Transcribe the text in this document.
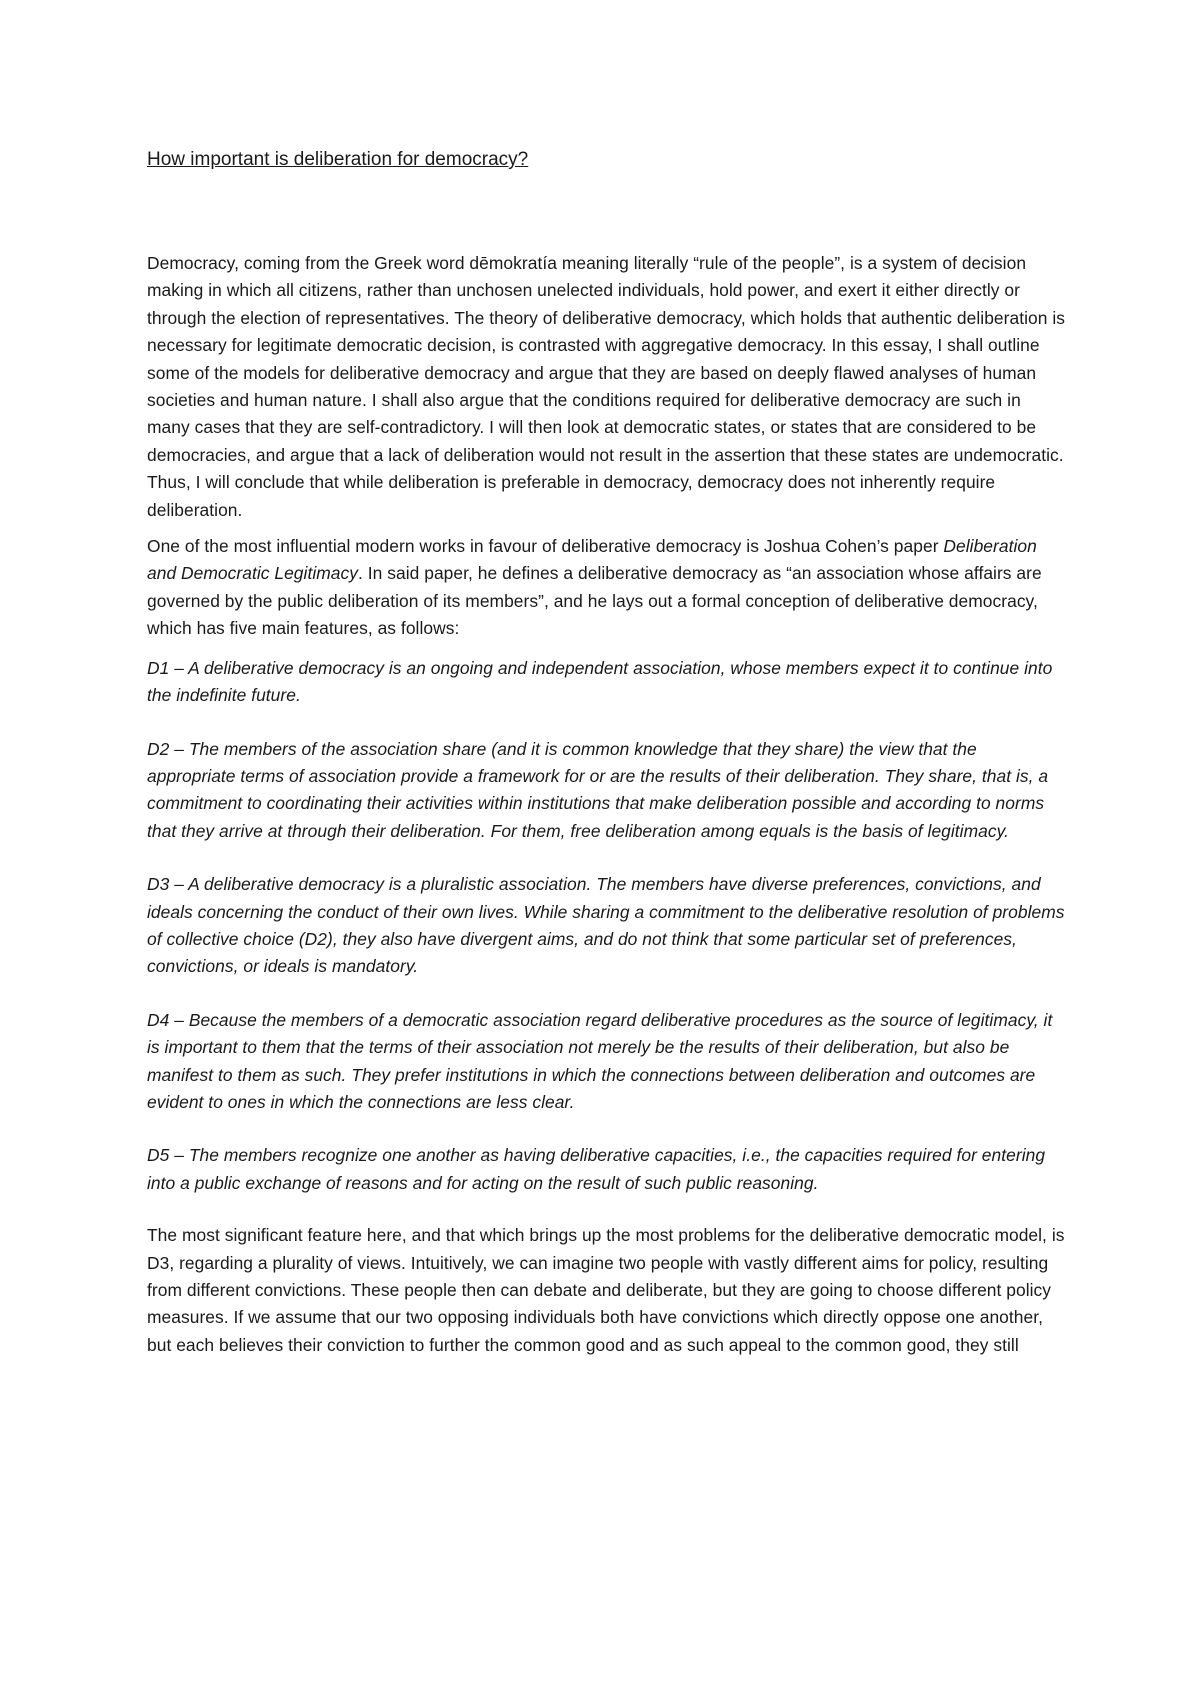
How important is deliberation for democracy?

Democracy, coming from the Greek word dēmokratía meaning literally “rule of the people”, is a system of decision making in which all citizens, rather than unchosen unelected individuals, hold power, and exert it either directly or through the election of representatives. The theory of deliberative democracy, which holds that authentic deliberation is necessary for legitimate democratic decision, is contrasted with aggregative democracy. In this essay, I shall outline some of the models for deliberative democracy and argue that they are based on deeply flawed analyses of human societies and human nature. I shall also argue that the conditions required for deliberative democracy are such in many cases that they are self-contradictory. I will then look at democratic states, or states that are considered to be democracies, and argue that a lack of deliberation would not result in the assertion that these states are undemocratic. Thus, I will conclude that while deliberation is preferable in democracy, democracy does not inherently require deliberation.

One of the most influential modern works in favour of deliberative democracy is Joshua Cohen’s paper Deliberation and Democratic Legitimacy. In said paper, he defines a deliberative democracy as “an association whose affairs are governed by the public deliberation of its members”, and he lays out a formal conception of deliberative democracy, which has five main features, as follows:

D1 – A deliberative democracy is an ongoing and independent association, whose members expect it to continue into the indefinite future.

D2 – The members of the association share (and it is common knowledge that they share) the view that the appropriate terms of association provide a framework for or are the results of their deliberation. They share, that is, a commitment to coordinating their activities within institutions that make deliberation possible and according to norms that they arrive at through their deliberation. For them, free deliberation among equals is the basis of legitimacy.

D3 – A deliberative democracy is a pluralistic association. The members have diverse preferences, convictions, and ideals concerning the conduct of their own lives. While sharing a commitment to the deliberative resolution of problems of collective choice (D2), they also have divergent aims, and do not think that some particular set of preferences, convictions, or ideals is mandatory.

D4 – Because the members of a democratic association regard deliberative procedures as the source of legitimacy, it is important to them that the terms of their association not merely be the results of their deliberation, but also be manifest to them as such. They prefer institutions in which the connections between deliberation and outcomes are evident to ones in which the connections are less clear.

D5 – The members recognize one another as having deliberative capacities, i.e., the capacities required for entering into a public exchange of reasons and for acting on the result of such public reasoning.

The most significant feature here, and that which brings up the most problems for the deliberative democratic model, is D3, regarding a plurality of views. Intuitively, we can imagine two people with vastly different aims for policy, resulting from different convictions. These people then can debate and deliberate, but they are going to choose different policy measures. If we assume that our two opposing individuals both have convictions which directly oppose one another, but each believes their conviction to further the common good and as such appeal to the common good, they still
